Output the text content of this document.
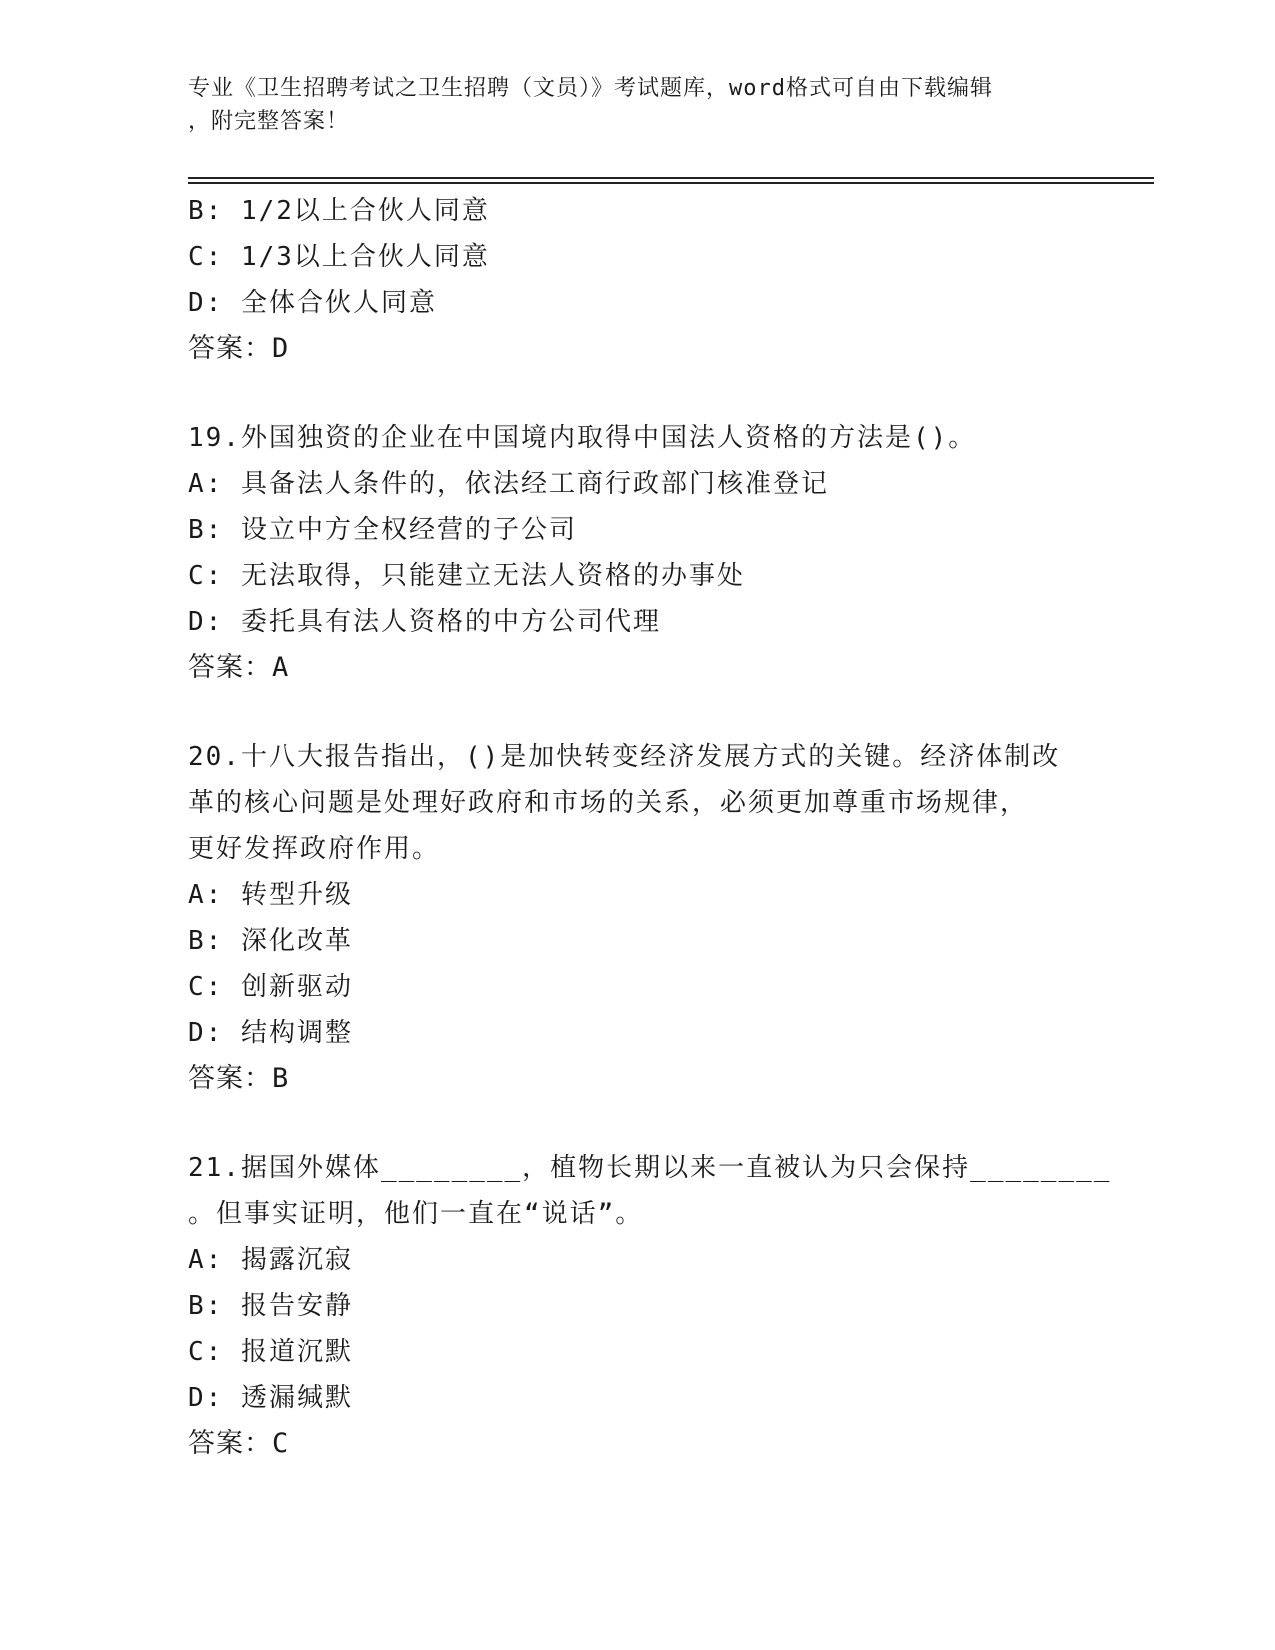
专业《卫生招聘考试之卫生招聘（文员）》考试题库，word格式可自由下载编辑
，附完整答案！
B: 1/2以上合伙人同意
C: 1/3以上合伙人同意
D: 全体合伙人同意
答案：D
19.外国独资的企业在中国境内取得中国法人资格的方法是()。
A: 具备法人条件的，依法经工商行政部门核准登记
B: 设立中方全权经营的子公司
C: 无法取得，只能建立无法人资格的办事处
D: 委托具有法人资格的中方公司代理
答案：A
20.十八大报告指出，()是加快转变经济发展方式的关键。经济体制改
革的核心问题是处理好政府和市场的关系，必须更加尊重市场规律，
更好发挥政府作用。
A: 转型升级
B: 深化改革
C: 创新驱动
D: 结构调整
答案：B
21.据国外媒体________，植物长期以来一直被认为只会保持________
。但事实证明，他们一直在“说话”。
A: 揭露沉寂
B: 报告安静
C: 报道沉默
D: 透漏缄默
答案：C
